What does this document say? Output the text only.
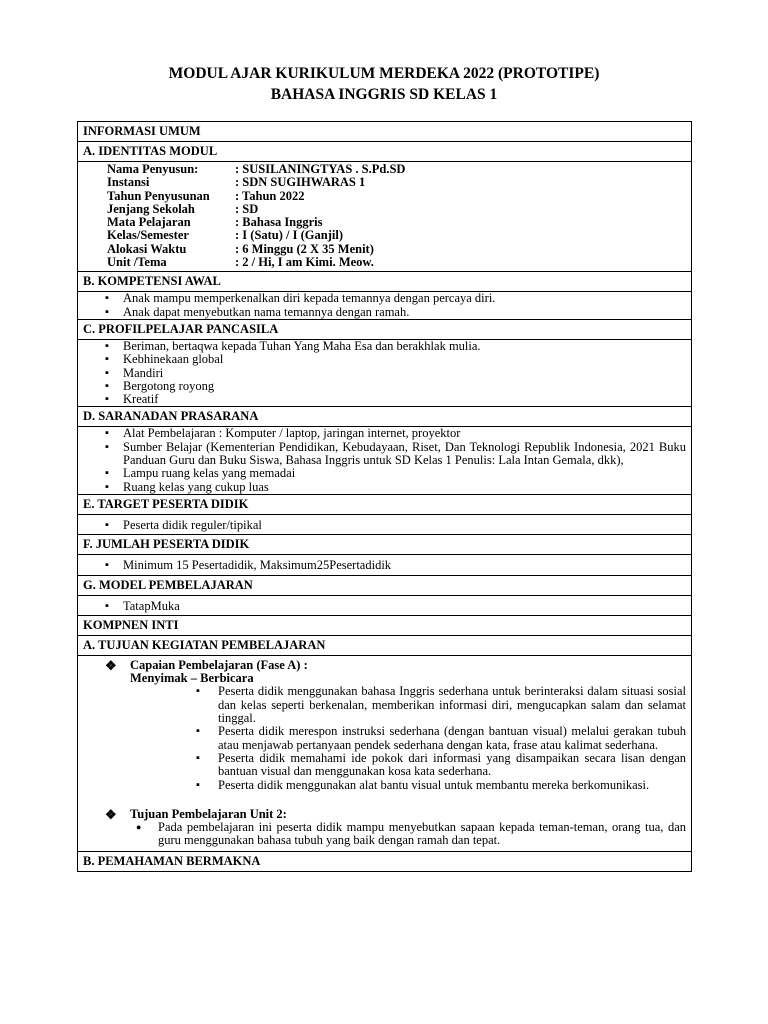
MODUL AJAR KURIKULUM MERDEKA 2022 (PROTOTIPE)
BAHASA INGGRIS SD KELAS 1
INFORMASI UMUM
A. IDENTITAS MODUL

Nama Penyusun:	: SUSILANINGTYAS . S.Pd.SD
Instansi	: SDN SUGIHWARAS 1
Tahun Penyusunan	: Tahun 2022
Jenjang Sekolah	: SD
Mata Pelajaran	: Bahasa Inggris
Kelas/Semester	: I (Satu) / I (Ganjil)
Alokasi Waktu	: 6 Minggu (2 X 35 Menit)
Unit /Tema	: 2 / Hi, I am Kimi. Meow.

B. KOMPETENSI AWAL

▪ Anak mampu memperkenalkan diri kepada temannya dengan percaya diri.
▪ Anak dapat menyebutkan nama temannya dengan ramah.

C. PROFILPELAJAR PANCASILA

▪ Beriman, bertaqwa kepada Tuhan Yang Maha Esa dan berakhlak mulia.
▪ Kebhinekaan global
▪ Mandiri
▪ Bergotong royong
▪ Kreatif

D. SARANADAN PRASARANA

▪ Alat Pembelajaran : Komputer / laptop, jaringan internet, proyektor
▪ Sumber Belajar (Kementerian Pendidikan, Kebudayaan, Riset, Dan Teknologi Republik Indonesia, 2021 Buku Panduan Guru dan Buku Siswa, Bahasa Inggris untuk SD Kelas 1 Penulis: Lala Intan Gemala, dkk),
▪ Lampu ruang kelas yang memadai
▪ Ruang kelas yang cukup luas

E. TARGET PESERTA DIDIK

▪ Peserta didik reguler/tipikal

F. JUMLAH PESERTA DIDIK

▪ Minimum 15 Pesertadidik, Maksimum25Pesertadidik

G. MODEL PEMBELAJARAN

▪ TatapMuka

KOMPNEN INTI
A. TUJUAN KEGIATAN PEMBELAJARAN

❖ Capaian Pembelajaran (Fase A) :
Menyimak – Berbicara
▪ Peserta didik menggunakan bahasa Inggris sederhana untuk berinteraksi dalam situasi sosial dan kelas seperti berkenalan, memberikan informasi diri, mengucapkan salam dan selamat tinggal.
▪ Peserta didik merespon instruksi sederhana (dengan bantuan visual) melalui gerakan tubuh atau menjawab pertanyaan pendek sederhana dengan kata, frase atau kalimat sederhana.
▪ Peserta didik memahami ide pokok dari informasi yang disampaikan secara lisan dengan bantuan visual dan menggunakan kosa kata sederhana.
▪ Peserta didik menggunakan alat bantu visual untuk membantu mereka berkomunikasi.
❖ Tujuan Pembelajaran Unit 2:
● Pada pembelajaran ini peserta didik mampu menyebutkan sapaan kepada teman-teman, orang tua, dan guru menggunakan bahasa tubuh yang baik dengan ramah dan tepat.

B. PEMAHAMAN BERMAKNA
